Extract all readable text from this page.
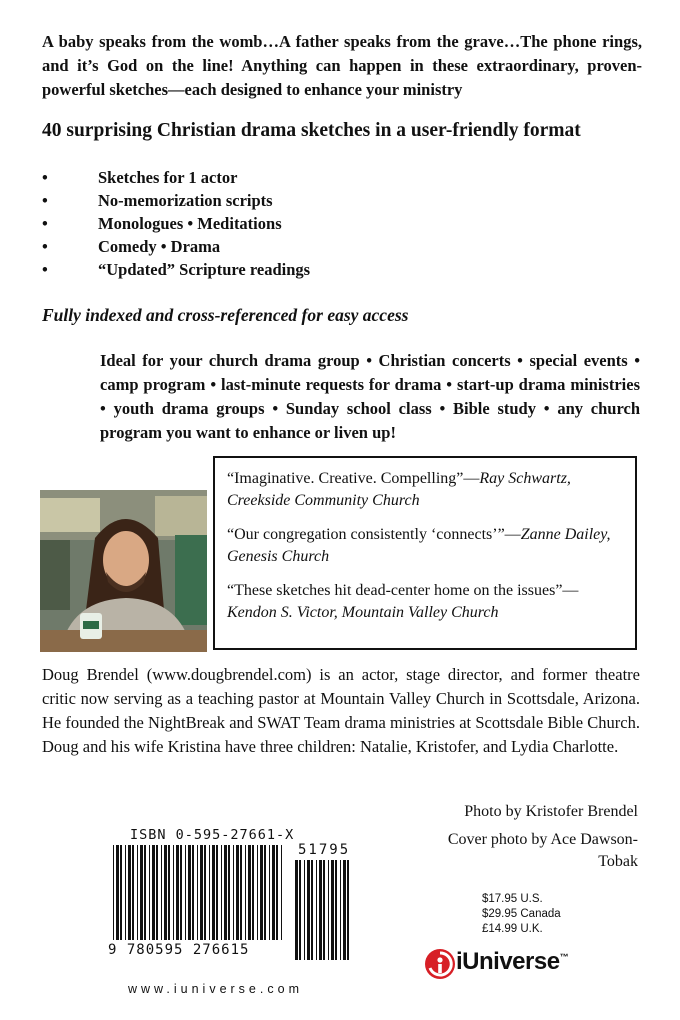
A baby speaks from the womb…A father speaks from the grave…The phone rings, and it’s God on the line! Anything can happen in these extraordinary, proven-powerful sketches—each designed to enhance your ministry
40 surprising Christian drama sketches in a user-friendly format
•	Sketches for 1 actor
•	No-memorization scripts
•	Monologues • Meditations
•	Comedy • Drama
•	“Updated” Scripture readings
Fully indexed and cross-referenced for easy access
Ideal for your church drama group • Christian concerts • special events • camp program • last-minute requests for drama • start-up drama ministries • youth drama groups • Sunday school class • Bible study • any church program you want to enhance or liven up!

“Imaginative. Creative. Compelling”—Ray Schwartz, Creekside Community Church

“Our congregation consistently ‘connects’”—Zanne Dailey, Genesis Church

“These sketches hit dead-center home on the issues”—Kendon S. Victor, Mountain Valley Church

Doug Brendel (www.dougbrendel.com) is an actor, stage director, and former theatre critic now serving as a teaching pastor at Mountain Valley Church in Scottsdale, Arizona. He founded the NightBreak and SWAT Team drama ministries at Scottsdale Bible Church. Doug and his wife Kristina have three children: Natalie, Kristofer, and Lydia Charlotte.
Photo by Kristofer Brendel
Cover photo by Ace Dawson-Tobak
ISBN 0-595-27661-X
9 780595 276615
51795
$17.95 U.S.
$29.95 Canada
£14.99 U.K.
iUniverse™
www.iuniverse.com
